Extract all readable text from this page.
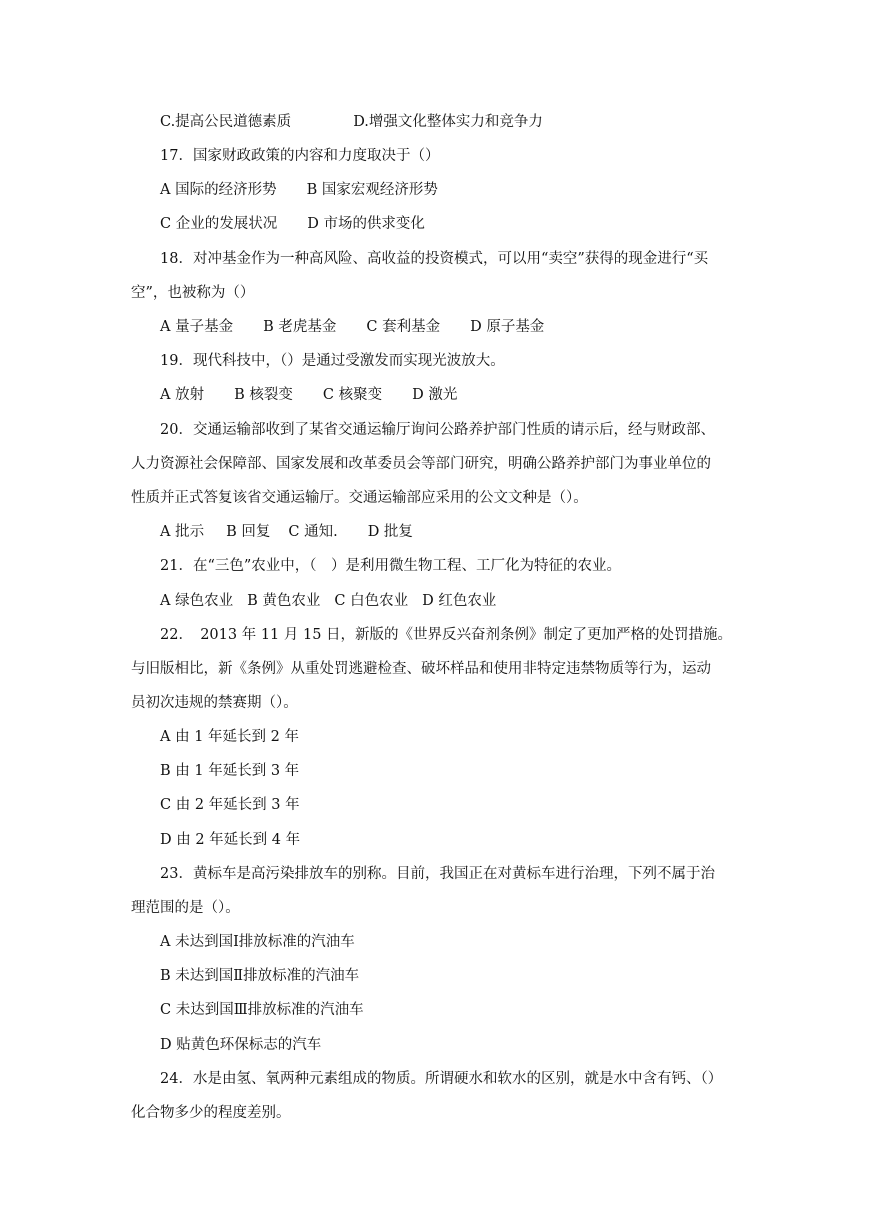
C.提高公民道德素质	D.增强文化整体实力和竞争力
17．国家财政政策的内容和力度取决于（）
A 国际的经济形势 B 国家宏观经济形势
C 企业的发展状况 D 市场的供求变化
18．对冲基金作为一种高风险、高收益的投资模式，可以用“卖空”获得的现金进行“买
空”，也被称为（）
A 量子基金 B 老虎基金 C 套利基金 D 原子基金
19．现代科技中，（）是通过受激发而实现光波放大。
A 放射 B 核裂变 C 核聚变 D 激光
20．交通运输部收到了某省交通运输厅询问公路养护部门性质的请示后，经与财政部、
人力资源社会保障部、国家发展和改革委员会等部门研究，明确公路养护部门为事业单位的
性质并正式答复该省交通运输厅。交通运输部应采用的公文文种是（）。
A 批示 B 回复 C 通知. D 批复
21．在“三色”农业中，（　）是利用微生物工程、工厂化为特征的农业。
A 绿色农业 B 黄色农业 C 白色农业 D 红色农业
22．　2013 年 11 月 15 日，新版的《世界反兴奋剂条例》制定了更加严格的处罚措施。
与旧版相比，新《条例》从重处罚逃避检查、破坏样品和使用非特定违禁物质等行为，运动
员初次违规的禁赛期（）。
A 由 1 年延长到 2 年
B 由 1 年延长到 3 年
C 由 2 年延长到 3 年
D 由 2 年延长到 4 年
23．黄标车是高污染排放车的别称。目前，我国正在对黄标车进行治理，下列不属于治
理范围的是（）。
A 未达到国Ⅰ排放标准的汽油车
B 未达到国Ⅱ排放标准的汽油车
C 未达到国Ⅲ排放标准的汽油车
D 贴黄色环保标志的汽车
24．水是由氢、氧两种元素组成的物质。所谓硬水和软水的区别，就是水中含有钙、（）
化合物多少的程度差别。
